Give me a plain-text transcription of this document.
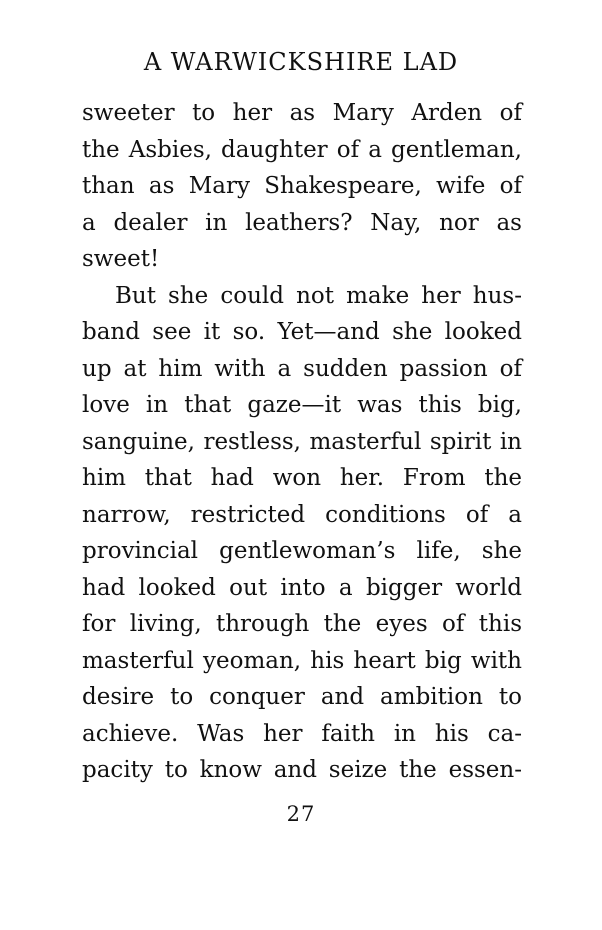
A WARWICKSHIRE LAD
sweeter to her as Mary Arden of
the Asbies, daughter of a gentleman,
than as Mary Shakespeare, wife of
a dealer in leathers? Nay, nor as
sweet!
But she could not make her hus-
band see it so. Yet—and she looked
up at him with a sudden passion of
love in that gaze—it was this big,
sanguine, restless, masterful spirit in
him that had won her. From the
narrow, restricted conditions of a
provincial gentlewoman’s life, she
had looked out into a bigger world
for living, through the eyes of this
masterful yeoman, his heart big with
desire to conquer and ambition to
achieve. Was her faith in his ca-
pacity to know and seize the essen-
27
